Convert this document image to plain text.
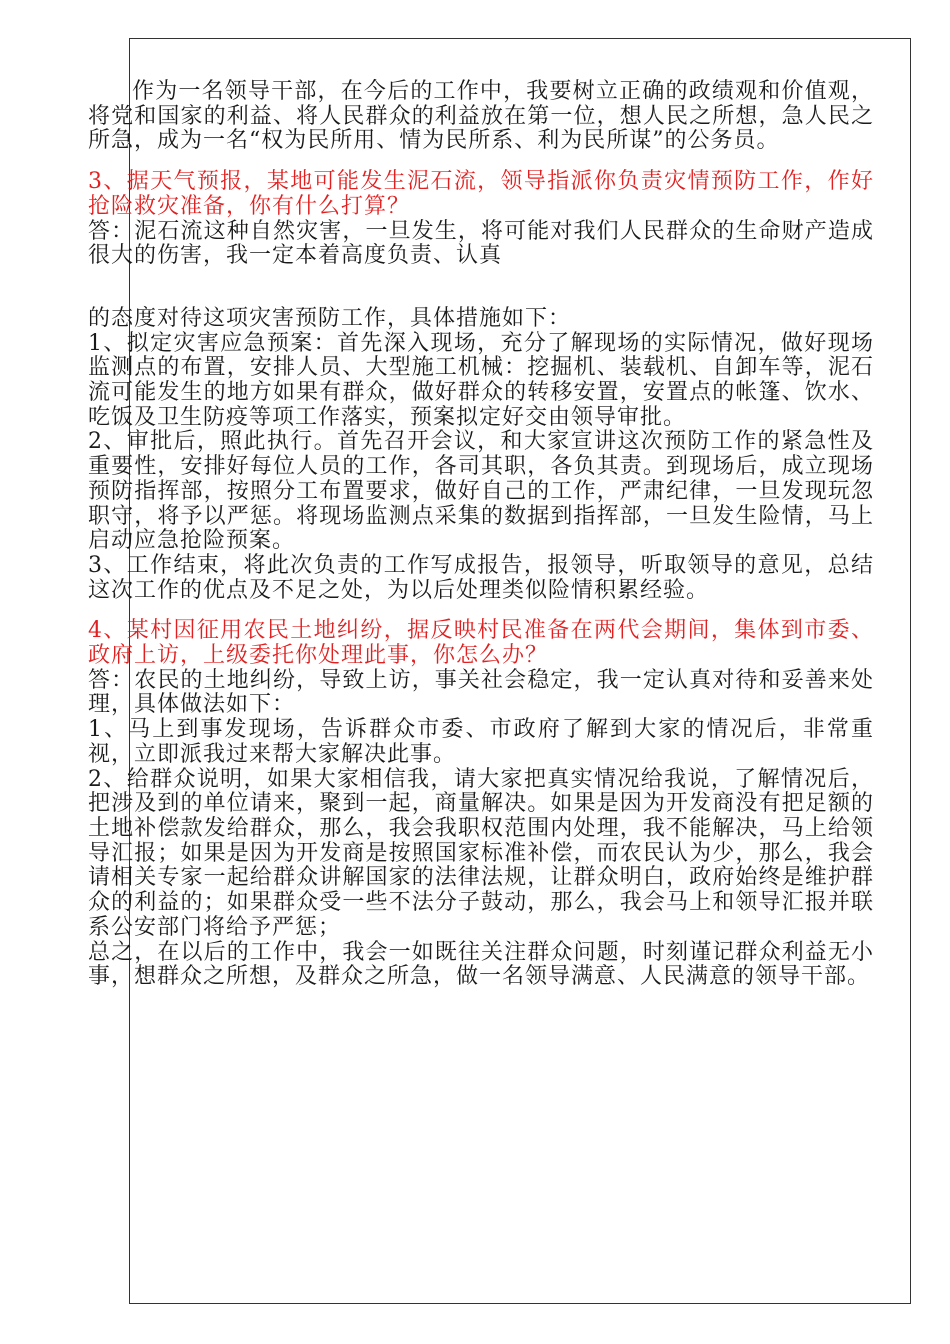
作为一名领导干部，在今后的工作中，我要树立正确的政绩观和价值观，将党和国家的利益、将人民群众的利益放在第一位，想人民之所想，急人民之所急，成为一名“权为民所用、情为民所系、利为民所谋”的公务员。

3、据天气预报，某地可能发生泥石流，领导指派你负责灾情预防工作，作好抢险救灾准备，你有什么打算？

答：泥石流这种自然灾害，一旦发生，将可能对我们人民群众的生命财产造成很大的伤害，我一定本着高度负责、认真

的态度对待这项灾害预防工作，具体措施如下：

1、拟定灾害应急预案：首先深入现场，充分了解现场的实际情况，做好现场监测点的布置，安排人员、大型施工机械：挖掘机、装载机、自卸车等，泥石流可能发生的地方如果有群众，做好群众的转移安置，安置点的帐篷、饮水、吃饭及卫生防疫等项工作落实，预案拟定好交由领导审批。

2、审批后，照此执行。首先召开会议，和大家宣讲这次预防工作的紧急性及重要性，安排好每位人员的工作，各司其职，各负其责。到现场后，成立现场预防指挥部，按照分工布置要求，做好自己的工作，严肃纪律，一旦发现玩忽职守，将予以严惩。将现场监测点采集的数据到指挥部，一旦发生险情，马上启动应急抢险预案。

3、工作结束，将此次负责的工作写成报告，报领导，听取领导的意见，总结这次工作的优点及不足之处，为以后处理类似险情积累经验。

4、某村因征用农民土地纠纷，据反映村民准备在两代会期间，集体到市委、政府上访，上级委托你处理此事，你怎么办？

答：农民的土地纠纷，导致上访，事关社会稳定，我一定认真对待和妥善来处理，具体做法如下：

1、马上到事发现场，告诉群众市委、市政府了解到大家的情况后，非常重视，立即派我过来帮大家解决此事。

2、给群众说明，如果大家相信我，请大家把真实情况给我说，了解情况后，把涉及到的单位请来，聚到一起，商量解决。如果是因为开发商没有把足额的土地补偿款发给群众，那么，我会我职权范围内处理，我不能解决，马上给领导汇报；如果是因为开发商是按照国家标准补偿，而农民认为少，那么，我会请相关专家一起给群众讲解国家的法律法规，让群众明白，政府始终是维护群众的利益的；如果群众受一些不法分子鼓动，那么，我会马上和领导汇报并联系公安部门将给予严惩；

总之，在以后的工作中，我会一如既往关注群众问题，时刻谨记群众利益无小事，想群众之所想，及群众之所急，做一名领导满意、人民满意的领导干部。
